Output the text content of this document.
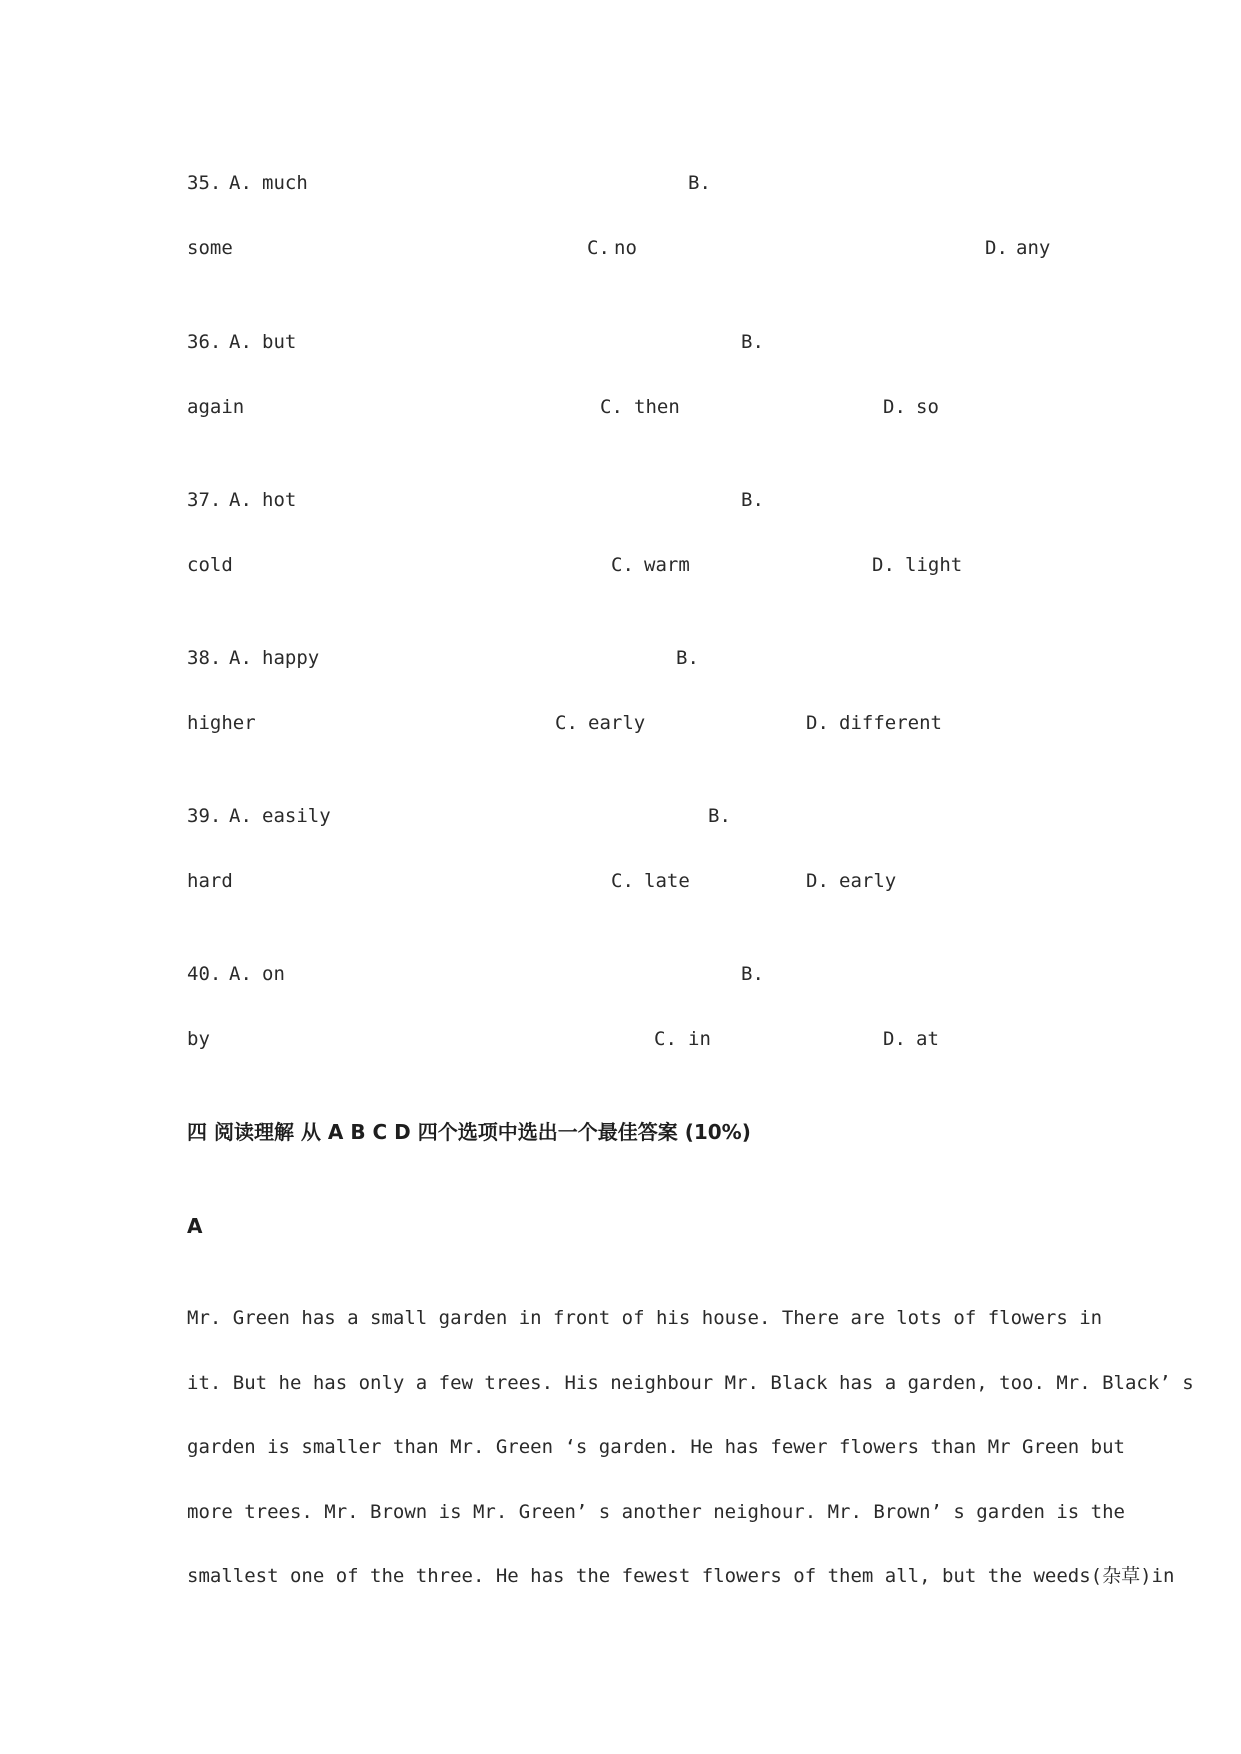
35. A. much	B.
some	C. no	D. any
36. A. but	B.
again	C. then	D. so
37. A. hot	B.
cold	C. warm	D. light
38. A. happy	B.
higher	C. early	D. different
39. A. easily	B.
hard	C. late	D. early
40. A. on	B.
by	C. in	D. at
四 阅读理解 从 A B C D 四个选项中选出一个最佳答案 (10%)
A
Mr. Green has a small garden in front of his house. There are lots of flowers in
it. But he has only a few trees. His neighbour Mr. Black has a garden, too. Mr. Black’ s
garden is smaller than Mr. Green ‘s garden. He has fewer flowers than Mr Green but
more trees. Mr. Brown is Mr. Green’ s another neighour. Mr. Brown’ s garden is the
smallest one of the three. He has the fewest flowers of them all, but the weeds(杂草)in
